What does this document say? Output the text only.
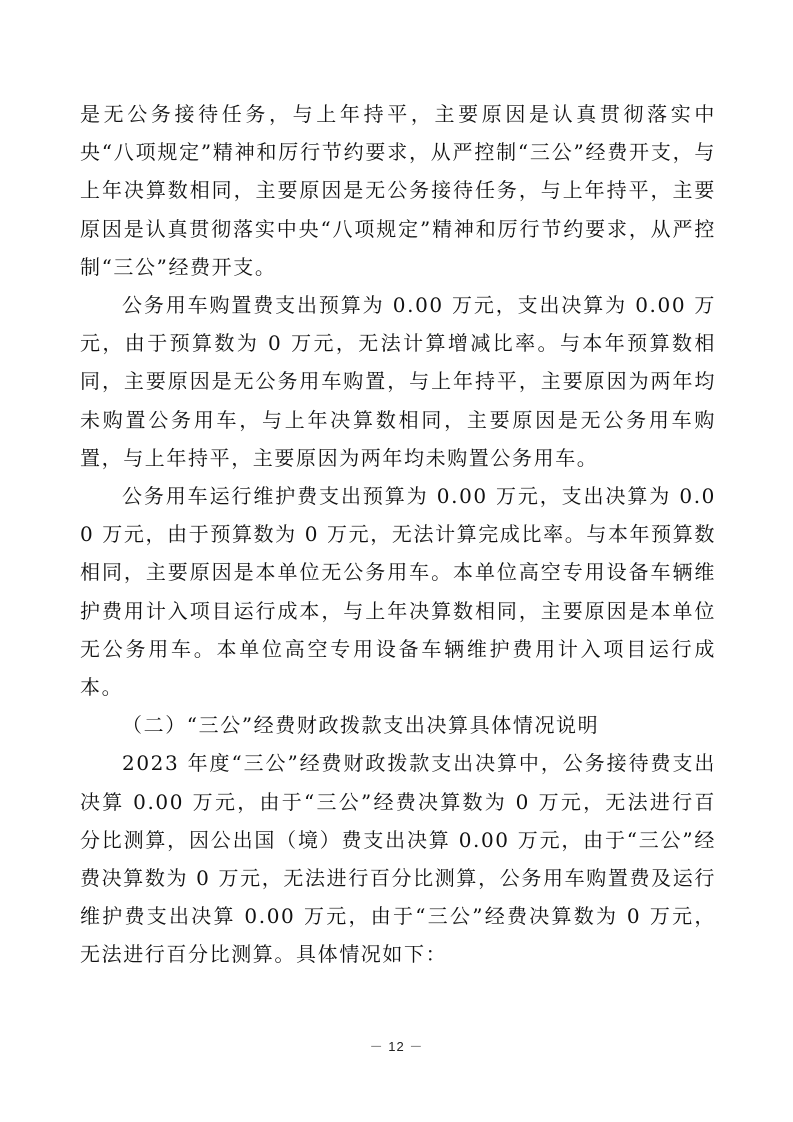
是无公务接待任务，与上年持平，主要原因是认真贯彻落实中央“八项规定”精神和厉行节约要求，从严控制“三公”经费开支，与上年决算数相同，主要原因是无公务接待任务，与上年持平，主要原因是认真贯彻落实中央“八项规定”精神和厉行节约要求，从严控制“三公”经费开支。

公务用车购置费支出预算为 0.00 万元，支出决算为 0.00 万元，由于预算数为 0 万元，无法计算增减比率。与本年预算数相同，主要原因是无公务用车购置，与上年持平，主要原因为两年均未购置公务用车，与上年决算数相同，主要原因是无公务用车购置，与上年持平，主要原因为两年均未购置公务用车。

公务用车运行维护费支出预算为 0.00 万元，支出决算为 0.00 万元，由于预算数为 0 万元，无法计算完成比率。与本年预算数相同，主要原因是本单位无公务用车。本单位高空专用设备车辆维护费用计入项目运行成本，与上年决算数相同，主要原因是本单位无公务用车。本单位高空专用设备车辆维护费用计入项目运行成本。

（二）“三公”经费财政拨款支出决算具体情况说明

2023 年度“三公”经费财政拨款支出决算中，公务接待费支出决算 0.00 万元，由于“三公”经费决算数为 0 万元，无法进行百分比测算，因公出国（境）费支出决算 0.00 万元，由于“三公”经费决算数为 0 万元，无法进行百分比测算，公务用车购置费及运行维护费支出决算 0.00 万元，由于“三公”经费决算数为 0 万元，无法进行百分比测算。具体情况如下：

－ 12 －
